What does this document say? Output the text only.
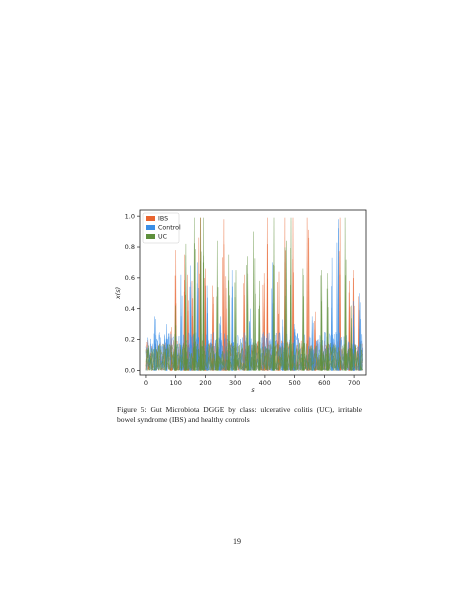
0	100	200	300	400	500	600	700
0.0
0.2
0.4
0.6
0.8
1.0
s
x(s)
IBS
Control
UC
Figure 5: Gut Microbiota DGGE by class: ulcerative colitis (UC), irritable bowel syndrome (IBS) and healthy controls
19
